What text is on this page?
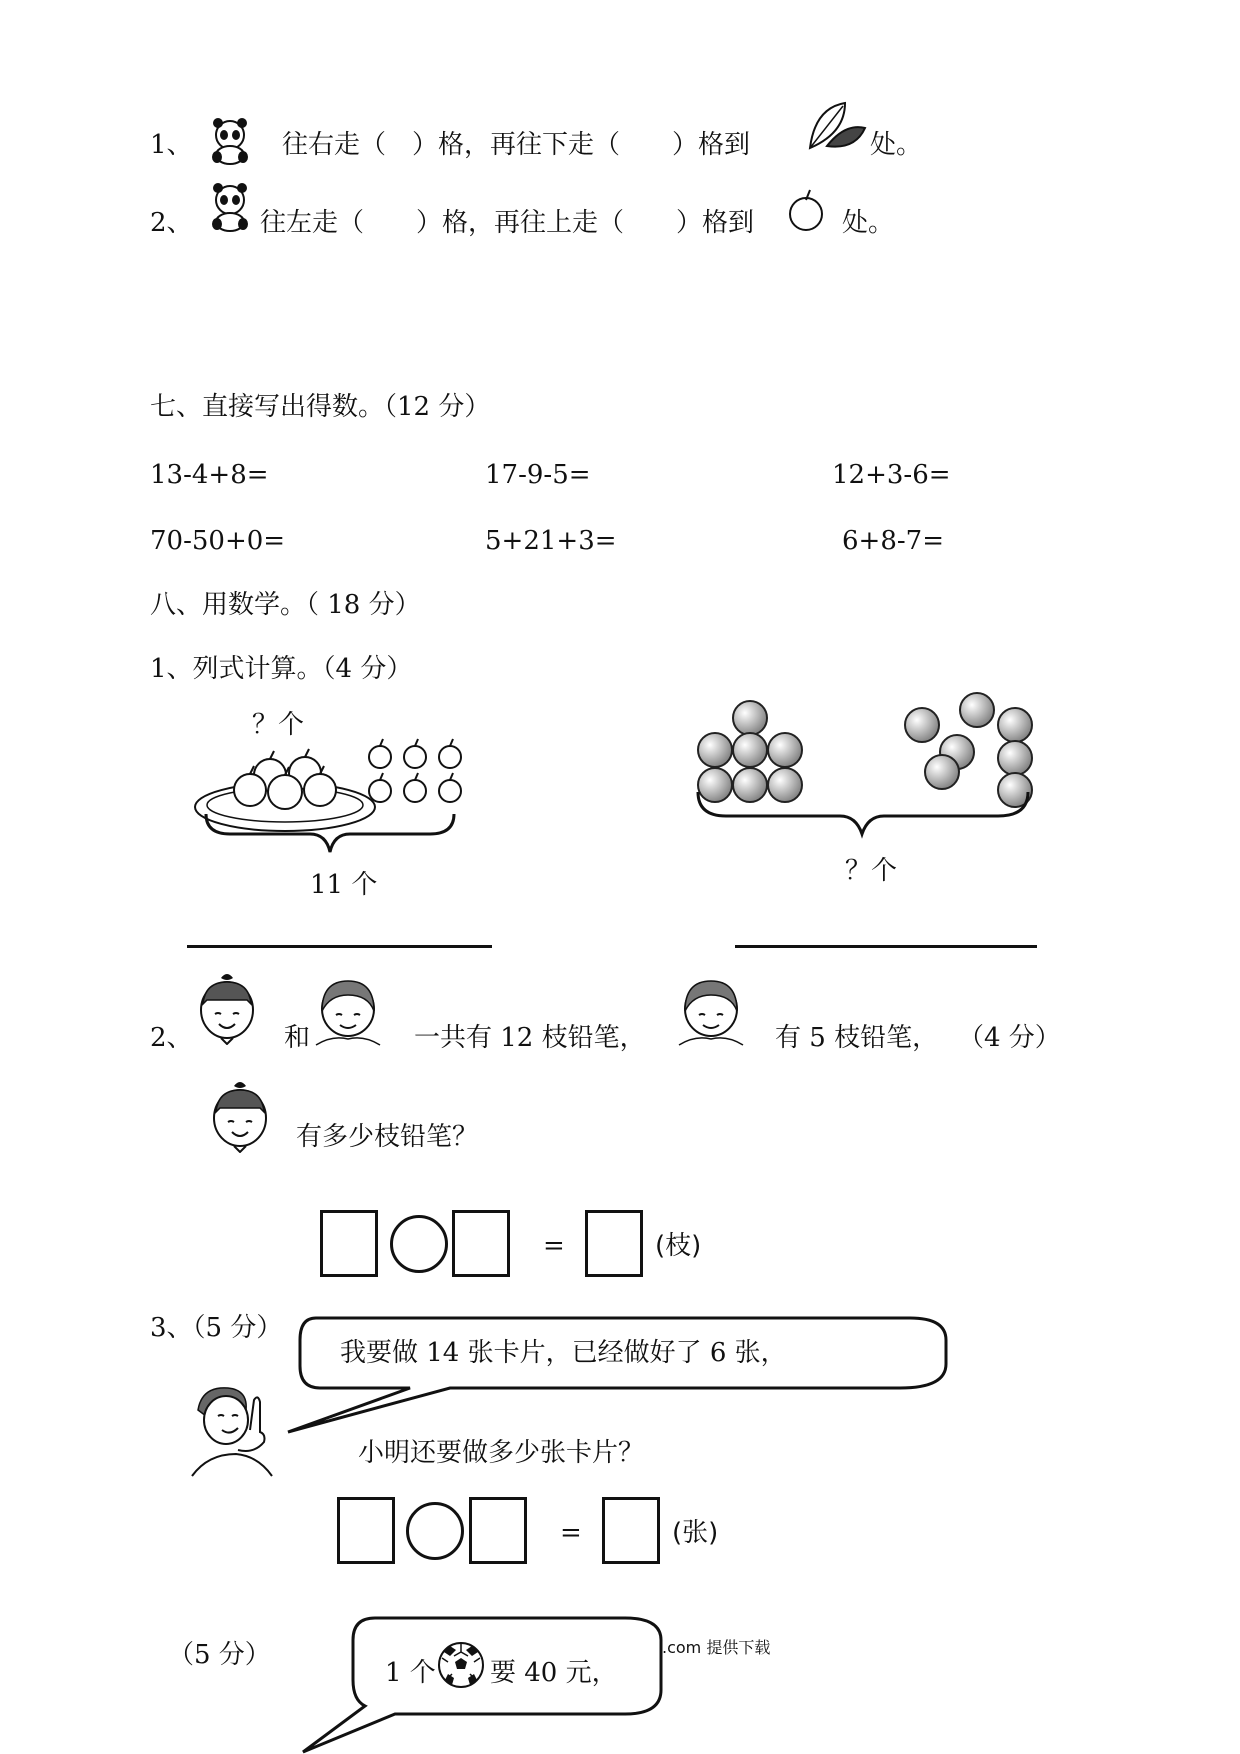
1、	往右走（　）格，再往下走（　　）格到	处。
2、	往左走（　　）格，再往上走（　　）格到	处。
七、直接写出得数。（12 分）
13-4+8=	17-9-5=	12+3-6=
70-50+0=	5+21+3=	6+8-7=
八、用数学。（ 18 分）
1、列式计算。（4 分）
？个
11 个	？个
2、	和	一共有 12 枝铅笔，	有 5 枝铅笔， （4 分）
有多少枝铅笔？
=	(枝)
3、（5 分）
我要做 14 张卡片，已经做好了 6 张，
小明还要做多少张卡片？
=	(张)
（5 分）
1 个 要 40 元，
.com 提供下载
